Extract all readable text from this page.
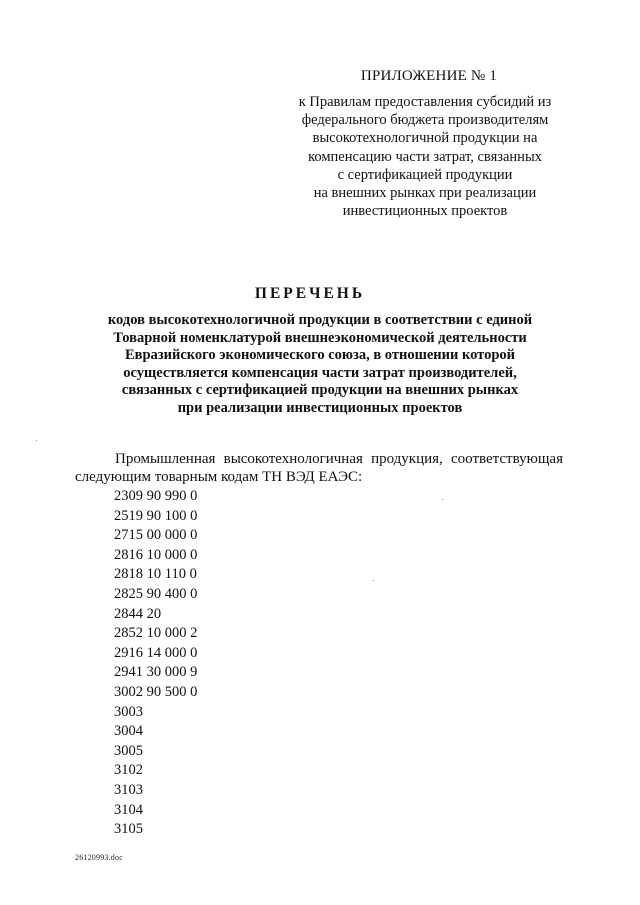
ПРИЛОЖЕНИЕ № 1
к Правилам предоставления субсидий из
федерального бюджета производителям
высокотехнологичной продукции на
компенсацию части затрат, связанных
с сертификацией продукции
на внешних рынках при реализации
инвестиционных проектов
ПЕРЕЧЕНЬ
кодов высокотехнологичной продукции в соответствии с единой
Товарной номенклатурой внешнеэкономической деятельности
Евразийского экономического союза, в отношении которой
осуществляется компенсация части затрат производителей,
связанных с сертификацией продукции на внешних рынках
при реализации инвестиционных проектов
Промышленная высокотехнологичная продукция, соответствующая следующим товарным кодам ТН ВЭД ЕАЭС:
2309 90 990 0
2519 90 100 0
2715 00 000 0
2816 10 000 0
2818 10 110 0
2825 90 400 0
2844 20
2852 10 000 2
2916 14 000 0
2941 30 000 9
3002 90 500 0
3003
3004
3005
3102
3103
3104
3105
26120993.doc
